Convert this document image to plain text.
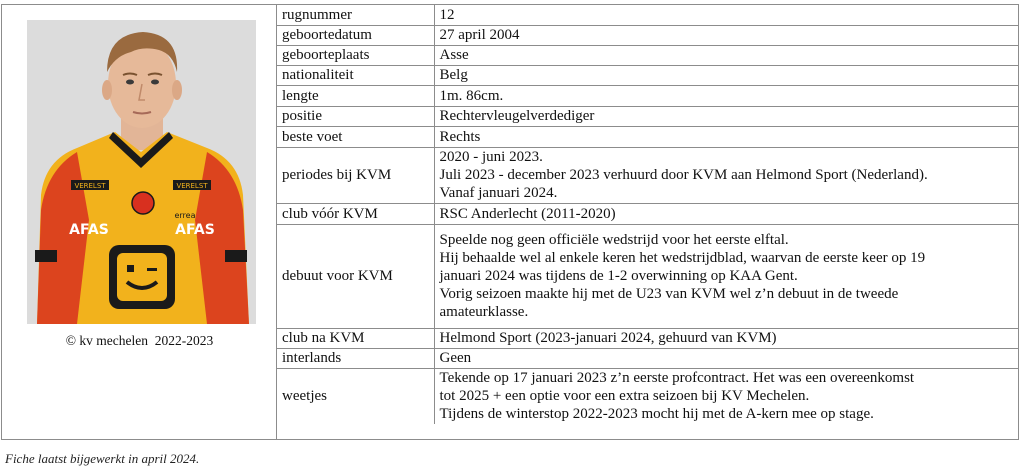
VERELST	VERELST
errea
AFAS	AFAS
© kv mechelen  2022-2023
rugnummer	12

geboortedatum	27 april 2004

geboorteplaats	Asse

nationaliteit	Belg

lengte	1m. 86cm.

positie	Rechtervleugelverdediger

beste voet	Rechts

periodes bij KVM	2020 - juni 2023.
Juli 2023 - december 2023 verhuurd door KVM aan Helmond Sport (Nederland).
Vanaf januari 2024.

club vóór KVM	RSC Anderlecht (2011-2020)

debuut voor KVM	Speelde nog geen officiële wedstrijd voor het eerste elftal.
Hij behaalde wel al enkele keren het wedstrijdblad, waarvan de eerste keer op 19
januari 2024 was tijdens de 1-2 overwinning op KAA Gent.
Vorig seizoen maakte hij met de U23 van KVM wel z’n debuut in de tweede
amateurklasse.

club na KVM	Helmond Sport (2023-januari 2024, gehuurd van KVM)

interlands	Geen

weetjes	Tekende op 17 januari 2023 z’n eerste profcontract. Het was een overeenkomst
tot 2025 + een optie voor een extra seizoen bij KV Mechelen.
Tijdens de winterstop 2022-2023 mocht hij met de A-kern mee op stage.
Fiche laatst bijgewerkt in april 2024.
